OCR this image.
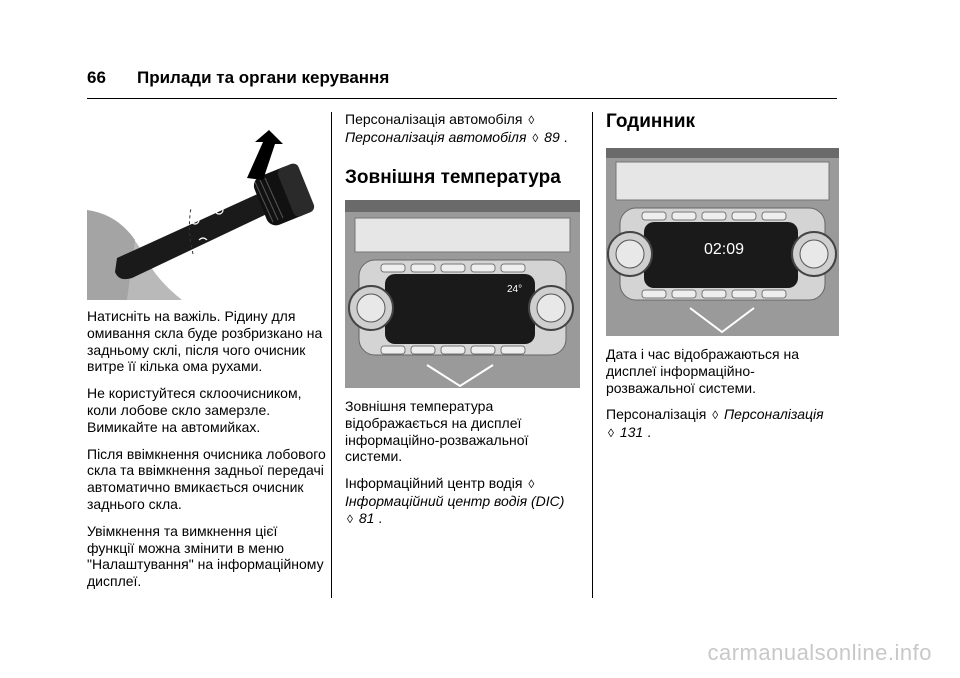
66 Прилади та органи керування

Натисніть на важіль. Рідину для омивання скла буде розбризкано на задньому склі, після чого очисник витре її кілька ома рухами.

Не користуйтеся склоочисником, коли лобове скло замерзле. Вимикайте на автомийках.

Після ввімкнення очисника лобового скла та ввімкнення задньої передачі автоматично вмикається очисник заднього скла.

Увімкнення та вимкнення цієї функції можна змінити в меню "Налаштування" на інформаційному дисплеї.

Персоналізація автомобіля ◊
Персоналізація автомобіля ◊ 89 .

Зовнішня температура
24°

Зовнішня температура відображається на дисплеї інформаційно-розважальної системи.

Інформаційний центр водія ◊
Інформаційний центр водія (DIC)
◊ 81 .

Годинник
02:09

Дата і час відображаються на дисплеї інформаційно-розважальної системи.

Персоналізація ◊ Персоналізація
◊ 131 .

carmanualsonline.info
